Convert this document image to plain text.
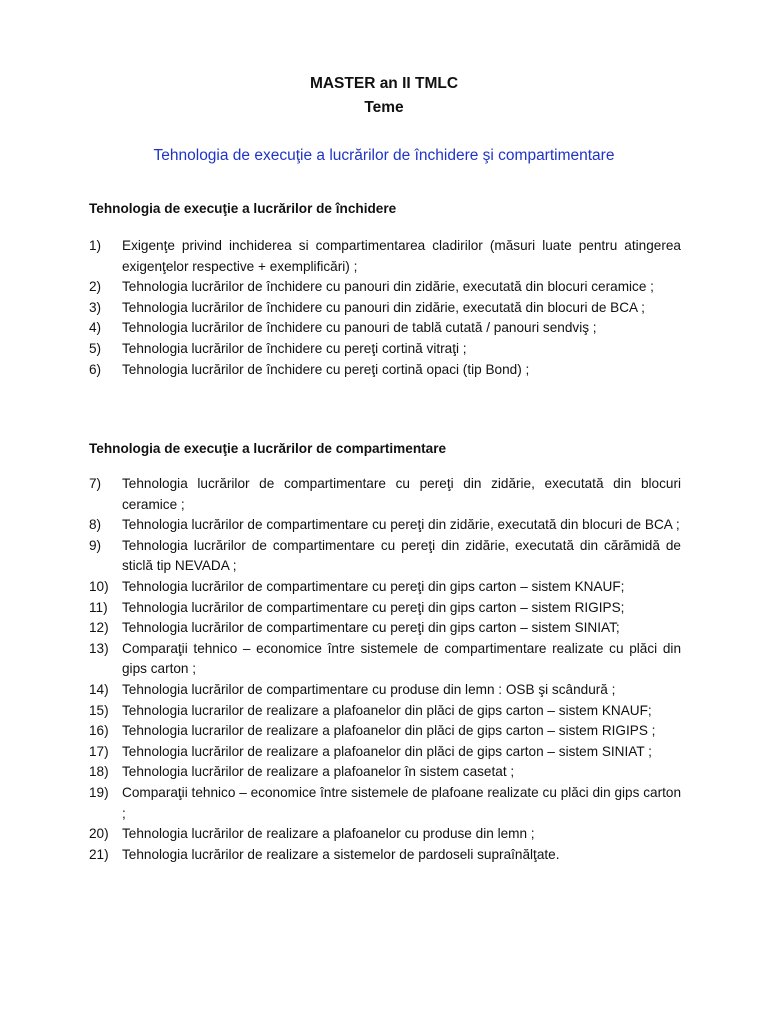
MASTER an II TMLC
Teme
Tehnologia de execuţie a lucrărilor de închidere şi compartimentare
Tehnologia de execuţie a lucrărilor de închidere
1) Exigenţe privind inchiderea si compartimentarea cladirilor (măsuri luate pentru atingerea exigenţelor respective + exemplificări) ;
2) Tehnologia lucrărilor de închidere cu panouri din zidărie, executată din blocuri ceramice ;
3) Tehnologia lucrărilor de închidere cu panouri din zidărie, executată din blocuri de BCA ;
4) Tehnologia lucrărilor de închidere cu panouri de tablă cutată / panouri sendviş ;
5) Tehnologia lucrărilor de închidere cu pereţi cortină vitraţi ;
6) Tehnologia lucrărilor de închidere cu pereţi cortină opaci (tip Bond) ;
Tehnologia de execuţie a lucrărilor de compartimentare
7) Tehnologia lucrărilor de compartimentare cu pereţi din zidărie, executată din blocuri ceramice ;
8) Tehnologia lucrărilor de compartimentare cu pereţi din zidărie, executată din blocuri de BCA ;
9) Tehnologia lucrărilor de compartimentare cu pereţi din zidărie, executată din cărămidă de sticlă tip NEVADA ;
10) Tehnologia lucrărilor de compartimentare cu pereţi din gips carton – sistem KNAUF;
11) Tehnologia lucrărilor de compartimentare cu pereţi din gips carton – sistem RIGIPS;
12) Tehnologia lucrărilor de compartimentare cu pereţi din gips carton – sistem SINIAT;
13) Comparaţii tehnico – economice între sistemele de compartimentare realizate cu plăci din gips carton ;
14) Tehnologia lucrărilor de compartimentare cu produse din lemn : OSB şi scândură ;
15) Tehnologia lucrarilor de realizare a plafoanelor din plăci de gips carton – sistem KNAUF;
16) Tehnologia lucrarilor de realizare a plafoanelor din plăci de gips carton – sistem RIGIPS ;
17) Tehnologia lucrărilor de realizare a plafoanelor din plăci de gips carton – sistem SINIAT ;
18) Tehnologia lucrărilor de realizare a plafoanelor în sistem casetat ;
19) Comparaţii tehnico – economice între sistemele de plafoane realizate cu plăci din gips carton ;
20) Tehnologia lucrărilor de realizare a plafoanelor cu produse din lemn ;
21) Tehnologia lucrărilor de realizare a sistemelor de pardoseli supraînălţate.
